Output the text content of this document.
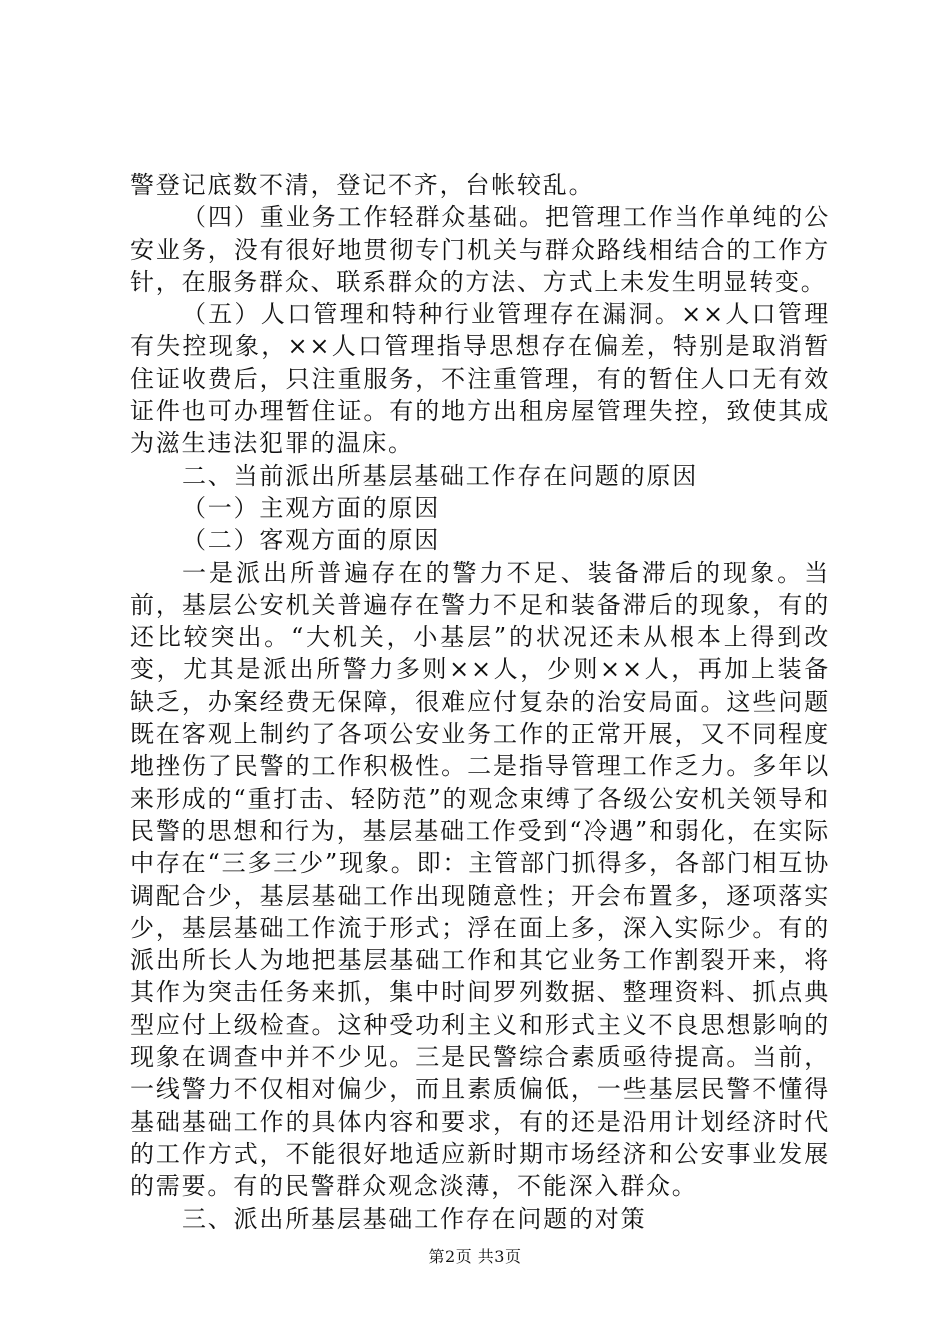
警登记底数不清，登记不齐，台帐较乱。

（四）重业务工作轻群众基础。把管理工作当作单纯的公安业务，没有很好地贯彻专门机关与群众路线相结合的工作方针，在服务群众、联系群众的方法、方式上未发生明显转变。

（五）人口管理和特种行业管理存在漏洞。××人口管理有失控现象，××人口管理指导思想存在偏差，特别是取消暂住证收费后，只注重服务，不注重管理，有的暂住人口无有效证件也可办理暂住证。有的地方出租房屋管理失控，致使其成为滋生违法犯罪的温床。

二、当前派出所基层基础工作存在问题的原因

（一）主观方面的原因

（二）客观方面的原因

一是派出所普遍存在的警力不足、装备滞后的现象。当前，基层公安机关普遍存在警力不足和装备滞后的现象，有的还比较突出。“大机关，小基层”的状况还未从根本上得到改变，尤其是派出所警力多则××人，少则××人，再加上装备缺乏，办案经费无保障，很难应付复杂的治安局面。这些问题既在客观上制约了各项公安业务工作的正常开展，又不同程度地挫伤了民警的工作积极性。二是指导管理工作乏力。多年以来形成的“重打击、轻防范”的观念束缚了各级公安机关领导和民警的思想和行为，基层基础工作受到“冷遇”和弱化，在实际中存在“三多三少”现象。即：主管部门抓得多，各部门相互协调配合少，基层基础工作出现随意性；开会布置多，逐项落实少，基层基础工作流于形式；浮在面上多，深入实际少。有的派出所长人为地把基层基础工作和其它业务工作割裂开来，将其作为突击任务来抓，集中时间罗列数据、整理资料、抓点典型应付上级检查。这种受功利主义和形式主义不良思想影响的现象在调查中并不少见。三是民警综合素质亟待提高。当前，一线警力不仅相对偏少，而且素质偏低，一些基层民警不懂得基础基础工作的具体内容和要求，有的还是沿用计划经济时代的工作方式，不能很好地适应新时期市场经济和公安事业发展的需要。有的民警群众观念淡薄，不能深入群众。

三、派出所基层基础工作存在问题的对策

第2页 共3页
